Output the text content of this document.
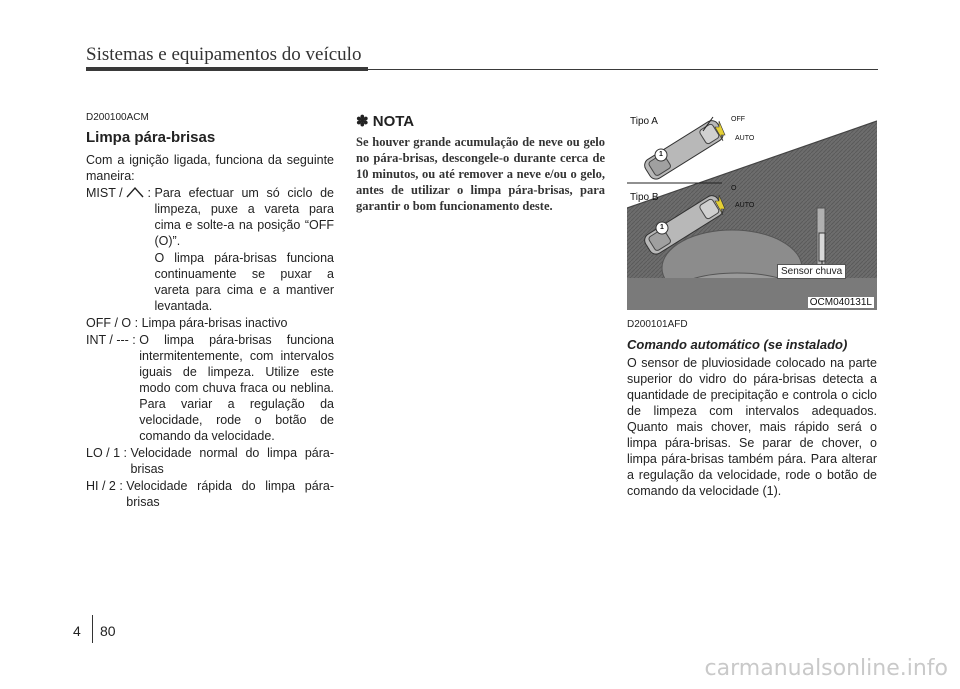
Sistemas e equipamentos do veículo
D200100ACM
Limpa pára-brisas
Com a ignição ligada, funciona da seguinte maneira:
MIST /  : Para efectuar um só ciclo de limpeza, puxe a vareta para cima e solte-a na posição “OFF (O)”.
O limpa pára-brisas funciona continuamente se puxar a vareta para cima e a mantiver levantada.
OFF / O : Limpa pára-brisas inactivo
INT / --- : O limpa pára-brisas funciona intermitentemente, com intervalos iguais de limpeza. Utilize este modo com chuva fraca ou neblina. Para variar a regulação da velocidade, rode o botão de comando da velocidade.
LO / 1 : Velocidade normal do limpa pára-brisas
HI / 2 : Velocidade rápida do limpa pára-brisas
✽ NOTA
Se houver grande acumulação de neve ou gelo no pára-brisas, descongele-o durante cerca de 10 minutos, ou até remover a neve e/ou o gelo, antes de utilizar o limpa pára-brisas, para garantir o bom funcionamento deste.
Tipo A
Tipo B
OFF
AUTO
O
AUTO
1
1
Sensor chuva
OCM040131L
D200101AFD
Comando automático (se instalado)
O sensor de pluviosidade colocado na parte superior do vidro do pára-brisas detecta a quantidade de precipitação e controla o ciclo de limpeza com intervalos adequados. Quanto mais chover, mais rápido será o limpa pára-brisas. Se parar de chover, o limpa pára-brisas também pára. Para alterar a regulação da velocidade, rode o botão de comando da velocidade (1).
4 80
carmanualsonline.info
